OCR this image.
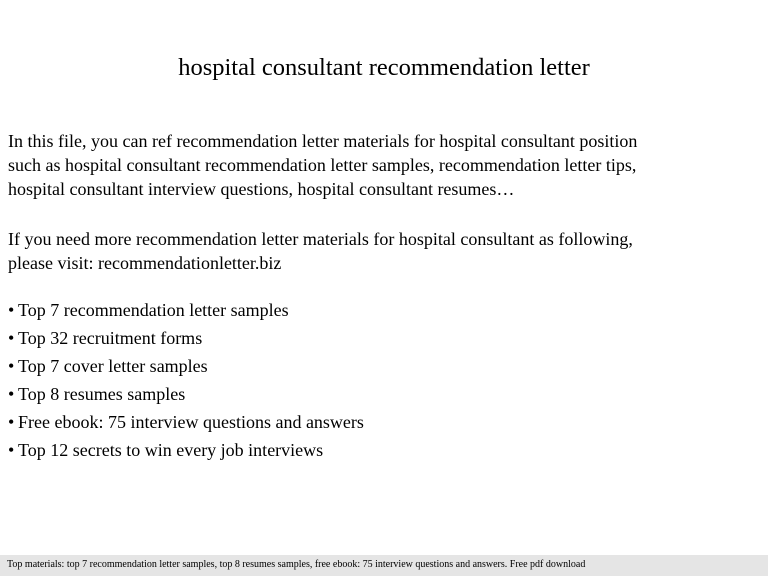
hospital consultant recommendation letter
In this file, you can ref recommendation letter materials for hospital consultant position
such as hospital consultant recommendation letter samples, recommendation letter tips,
hospital consultant interview questions, hospital consultant resumes…
If you need more recommendation letter materials for hospital consultant as following,
please visit: recommendationletter.biz
• Top 7 recommendation letter samples
• Top 32 recruitment forms
• Top 7 cover letter samples
• Top 8 resumes samples
• Free ebook: 75 interview questions and answers
• Top 12 secrets to win every job interviews
Top materials: top 7 recommendation letter samples, top 8 resumes samples, free ebook: 75 interview questions and answers. Free pdf download
